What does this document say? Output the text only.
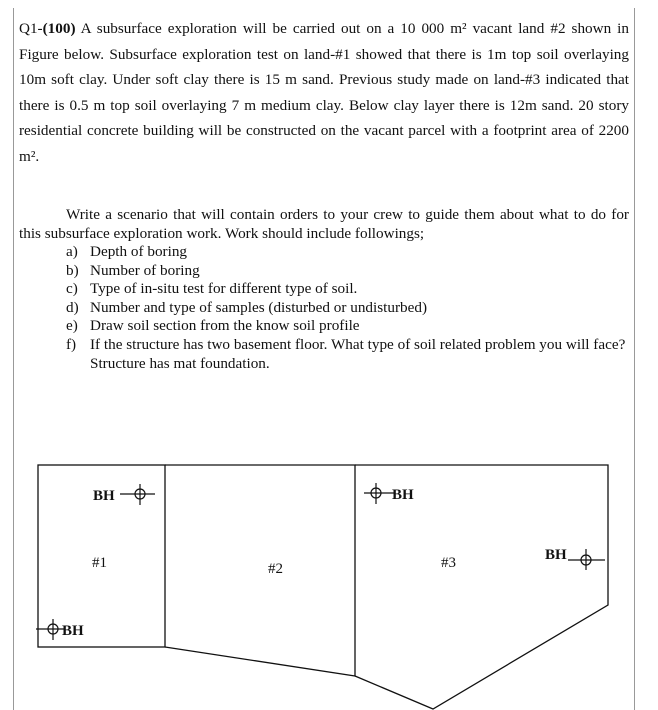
Q1-(100) A subsurface exploration will be carried out on a 10 000 m² vacant land #2 shown in Figure below. Subsurface exploration test on land-#1 showed that there is 1m top soil overlaying 10m soft clay. Under soft clay there is 15 m sand. Previous study made on land-#3 indicated that there is 0.5 m top soil overlaying 7 m medium clay. Below clay layer there is 12m sand. 20 story residential concrete building will be constructed on the vacant parcel with a footprint area of 2200 m².
Write a scenario that will contain orders to your crew to guide them about what to do for this subsurface exploration work. Work should include followings;
a) Depth of boring
b) Number of boring
c) Type of in-situ test for different type of soil.
d) Number and type of samples (disturbed or undisturbed)
e) Draw soil section from the know soil profile
f) If the structure has two basement floor. What type of soil related problem you will face? Structure has mat foundation.
#1	#2	#3
BH
BH
BH
BH
